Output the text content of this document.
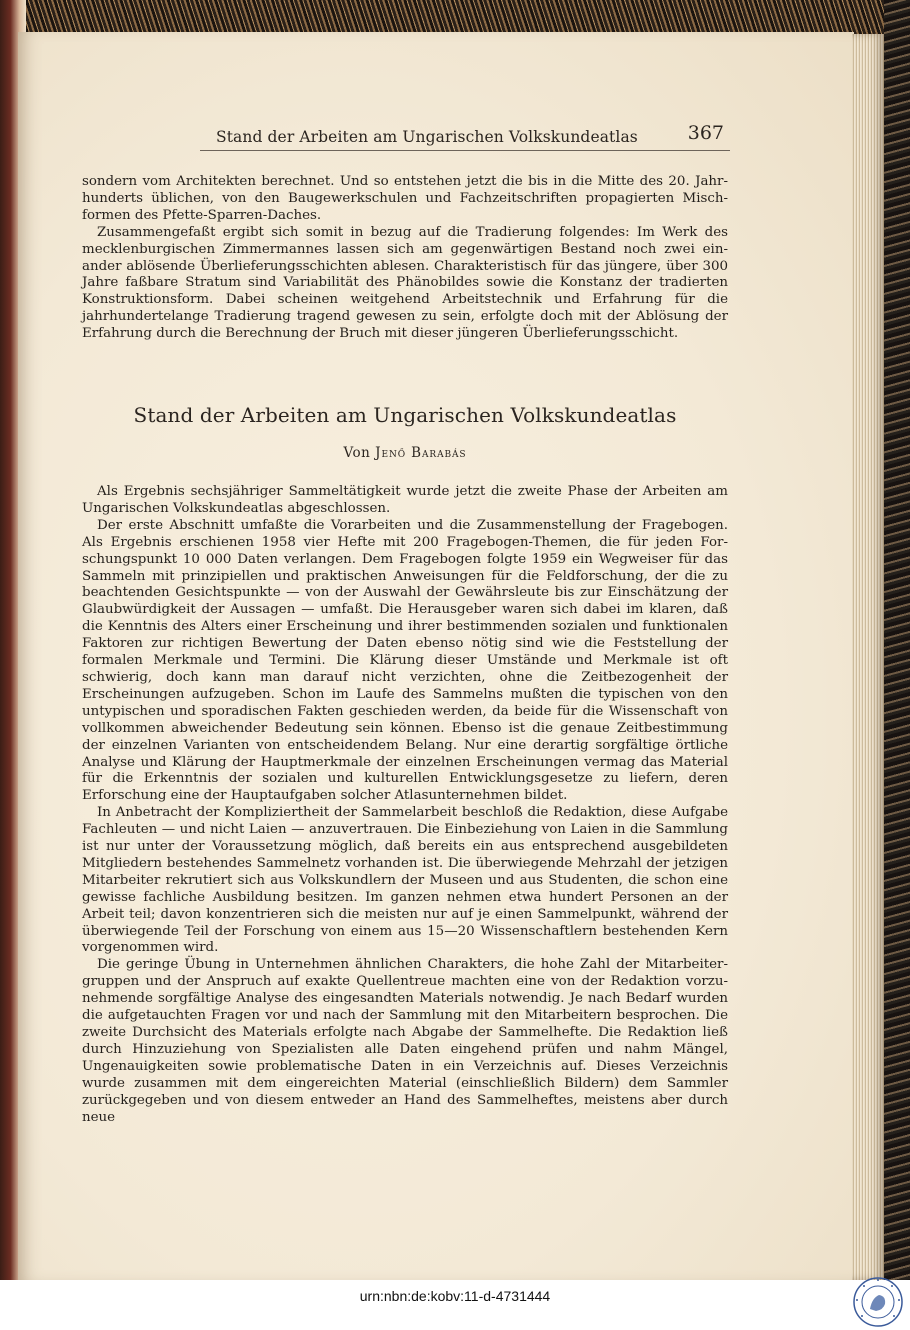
Stand der Arbeiten am Ungarischen Volkskundeatlas	367

sondern vom Architekten berechnet. Und so entstehen jetzt die bis in die Mitte des 20. Jahrhunderts üblichen, von den Baugewerkschulen und Fachzeitschriften propagierten Mischformen des Pfette-Sparren-Daches.

Zusammengefaßt ergibt sich somit in bezug auf die Tradierung folgendes: Im Werk des mecklenburgischen Zimmermannes lassen sich am gegenwärtigen Bestand noch zwei einander ablösende Überlieferungsschichten ablesen. Charakteristisch für das jüngere, über 300 Jahre faßbare Stratum sind Variabilität des Phänobildes sowie die Konstanz der tradierten Konstruktionsform. Dabei scheinen weitgehend Arbeitstechnik und Erfahrung für die jahrhundertelange Tradierung tragend gewesen zu sein, erfolgte doch mit der Ablösung der Erfahrung durch die Berechnung der Bruch mit dieser jüngeren Überlieferungsschicht.

Stand der Arbeiten am Ungarischen Volkskundeatlas
Von Jenő Barabás

Als Ergebnis sechsjähriger Sammeltätigkeit wurde jetzt die zweite Phase der Arbeiten am Ungarischen Volkskundeatlas abgeschlossen.

Der erste Abschnitt umfaßte die Vorarbeiten und die Zusammenstellung der Fragebogen. Als Ergebnis erschienen 1958 vier Hefte mit 200 Fragebogen-Themen, die für jeden Forschungspunkt 10 000 Daten verlangen. Dem Fragebogen folgte 1959 ein Wegweiser für das Sammeln mit prinzipiellen und praktischen Anweisungen für die Feldforschung, der die zu beachtenden Gesichtspunkte — von der Auswahl der Gewährsleute bis zur Einschätzung der Glaubwürdigkeit der Aussagen — umfaßt. Die Herausgeber waren sich dabei im klaren, daß die Kenntnis des Alters einer Erscheinung und ihrer bestimmenden sozialen und funktionalen Faktoren zur richtigen Bewertung der Daten ebenso nötig sind wie die Feststellung der formalen Merkmale und Termini. Die Klärung dieser Umstände und Merkmale ist oft schwierig, doch kann man darauf nicht verzichten, ohne die Zeitbezogenheit der Erscheinungen aufzugeben. Schon im Laufe des Sammelns mußten die typischen von den untypischen und sporadischen Fakten geschieden werden, da beide für die Wissenschaft von vollkommen abweichender Bedeutung sein können. Ebenso ist die genaue Zeitbestimmung der einzelnen Varianten von entscheidendem Belang. Nur eine derartig sorgfältige örtliche Analyse und Klärung der Hauptmerkmale der einzelnen Erscheinungen vermag das Material für die Erkenntnis der sozialen und kulturellen Entwicklungsgesetze zu liefern, deren Erforschung eine der Hauptaufgaben solcher Atlasunternehmen bildet.

In Anbetracht der Kompliziertheit der Sammelarbeit beschloß die Redaktion, diese Aufgabe Fachleuten — und nicht Laien — anzuvertrauen. Die Einbeziehung von Laien in die Sammlung ist nur unter der Voraussetzung möglich, daß bereits ein aus entsprechend ausgebildeten Mitgliedern bestehendes Sammelnetz vorhanden ist. Die überwiegende Mehrzahl der jetzigen Mitarbeiter rekrutiert sich aus Volkskundlern der Museen und aus Studenten, die schon eine gewisse fachliche Ausbildung besitzen. Im ganzen nehmen etwa hundert Personen an der Arbeit teil; davon konzentrieren sich die meisten nur auf je einen Sammelpunkt, während der überwiegende Teil der Forschung von einem aus 15—20 Wissenschaftlern bestehenden Kern vorgenommen wird.

Die geringe Übung in Unternehmen ähnlichen Charakters, die hohe Zahl der Mitarbeitergruppen und der Anspruch auf exakte Quellentreue machten eine von der Redaktion vorzunehmende sorgfältige Analyse des eingesandten Materials notwendig. Je nach Bedarf wurden die aufgetauchten Fragen vor und nach der Sammlung mit den Mitarbeitern besprochen. Die zweite Durchsicht des Materials erfolgte nach Abgabe der Sammelhefte. Die Redaktion ließ durch Hinzuziehung von Spezialisten alle Daten eingehend prüfen und nahm Mängel, Ungenauigkeiten sowie problematische Daten in ein Verzeichnis auf. Dieses Verzeichnis wurde zusammen mit dem eingereichten Material (einschließlich Bildern) dem Sammler zurückgegeben und von diesem entweder an Hand des Sammelheftes, meistens aber durch neue

urn:nbn:de:kobv:11-d-4731444
